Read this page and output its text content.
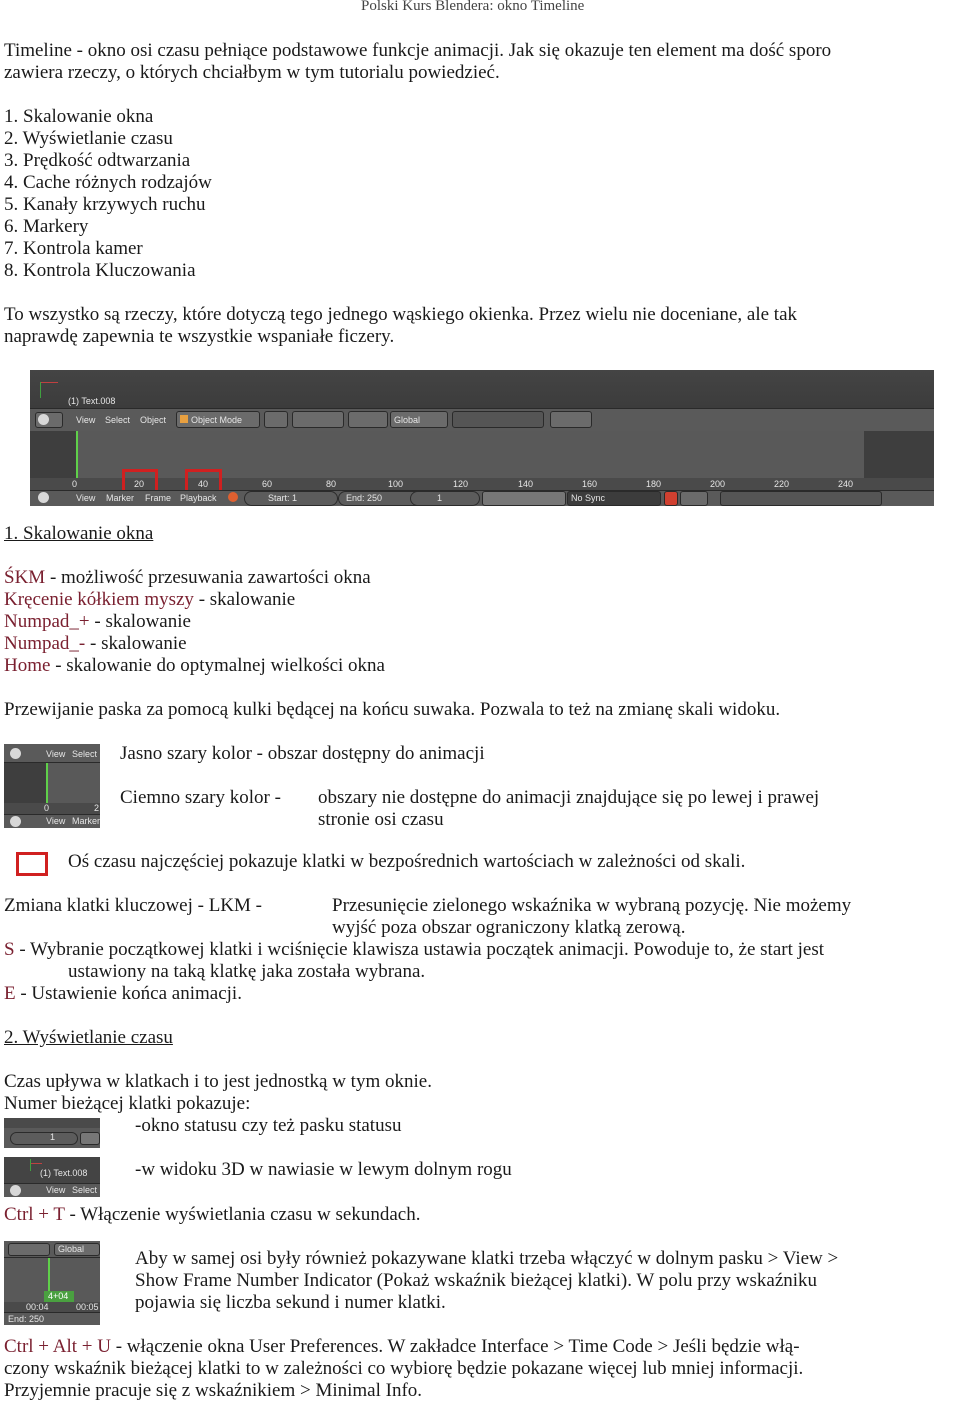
Polski Kurs Blendera: okno Timeline
Timeline - okno osi czasu pełniące podstawowe funkcje animacji. Jak się okazuje ten element ma dość sporo
zawiera rzeczy, o których chciałbym w tym tutorialu powiedzieć.
1. Skalowanie okna
2. Wyświetlanie czasu
3. Prędkość odtwarzania
4. Cache różnych rodzajów
5. Kanały krzywych ruchu
6. Markery
7. Kontrola kamer
8. Kontrola Kluczowania
To wszystko są rzeczy, które dotyczą tego jednego wąskiego okienka. Przez wielu nie doceniane, ale tak
naprawdę zapewnia te wszystkie wspaniałe ficzery.
(1) Text.008
View Select Object	Object Mode	Global
0	20	40	60	80	100	120	140	160	180	200	220	240
View Marker Frame Playback	Start: 1	End: 250	1	No Sync
1. Skalowanie okna
ŚKM - możliwość przesuwania zawartości okna
Kręcenie kółkiem myszy - skalowanie
Numpad_+ - skalowanie
Numpad_- - skalowanie
Home - skalowanie do optymalnej wielkości okna
Przewijanie paska za pomocą kulki będącej na końcu suwaka. Pozwala to też na zmianę skali widoku.
View Select
0	2
View Marker
Jasno szary kolor - obszar dostępny do animacji
Ciemno szary kolor - obszary nie dostępne do animacji znajdujące się po lewej i prawej
stronie osi czasu
Oś czasu najczęściej pokazuje klatki w bezpośrednich wartościach w zależności od skali.
Zmiana klatki kluczowej - LKM -	Przesunięcie zielonego wskaźnika w wybraną pozycję. Nie możemy
wyjść poza obszar ograniczony klatką zerową.
S - Wybranie początkowej klatki i wciśnięcie klawisza ustawia początek animacji. Powoduje to, że start jest
ustawiony na taką klatkę jaka została wybrana.
E - Ustawienie końca animacji.
2. Wyświetlanie czasu
Czas upływa w klatkach i to jest jednostką w tym oknie.
Numer bieżącej klatki pokazuje:
1
-okno statusu czy też pasku statusu
(1) Text.008
View Select
-w widoku 3D w nawiasie w lewym dolnym rogu
Ctrl + T - Włączenie wyświetlania czasu w sekundach.
Global
4+04
00:04	00:05
End: 250
Aby w samej osi były również pokazywane klatki trzeba włączyć w dolnym pasku > View >
Show Frame Number Indicator (Pokaż wskaźnik bieżącej klatki). W polu przy wskaźniku
pojawia się liczba sekund i numer klatki.
Ctrl + Alt + U - włączenie okna User Preferences. W zakładce Interface > Time Code > Jeśli będzie włą-
czony wskaźnik bieżącej klatki to w zależności co wybiorę będzie pokazane więcej lub mniej informacji.
Przyjemnie pracuje się z wskaźnikiem > Minimal Info.
